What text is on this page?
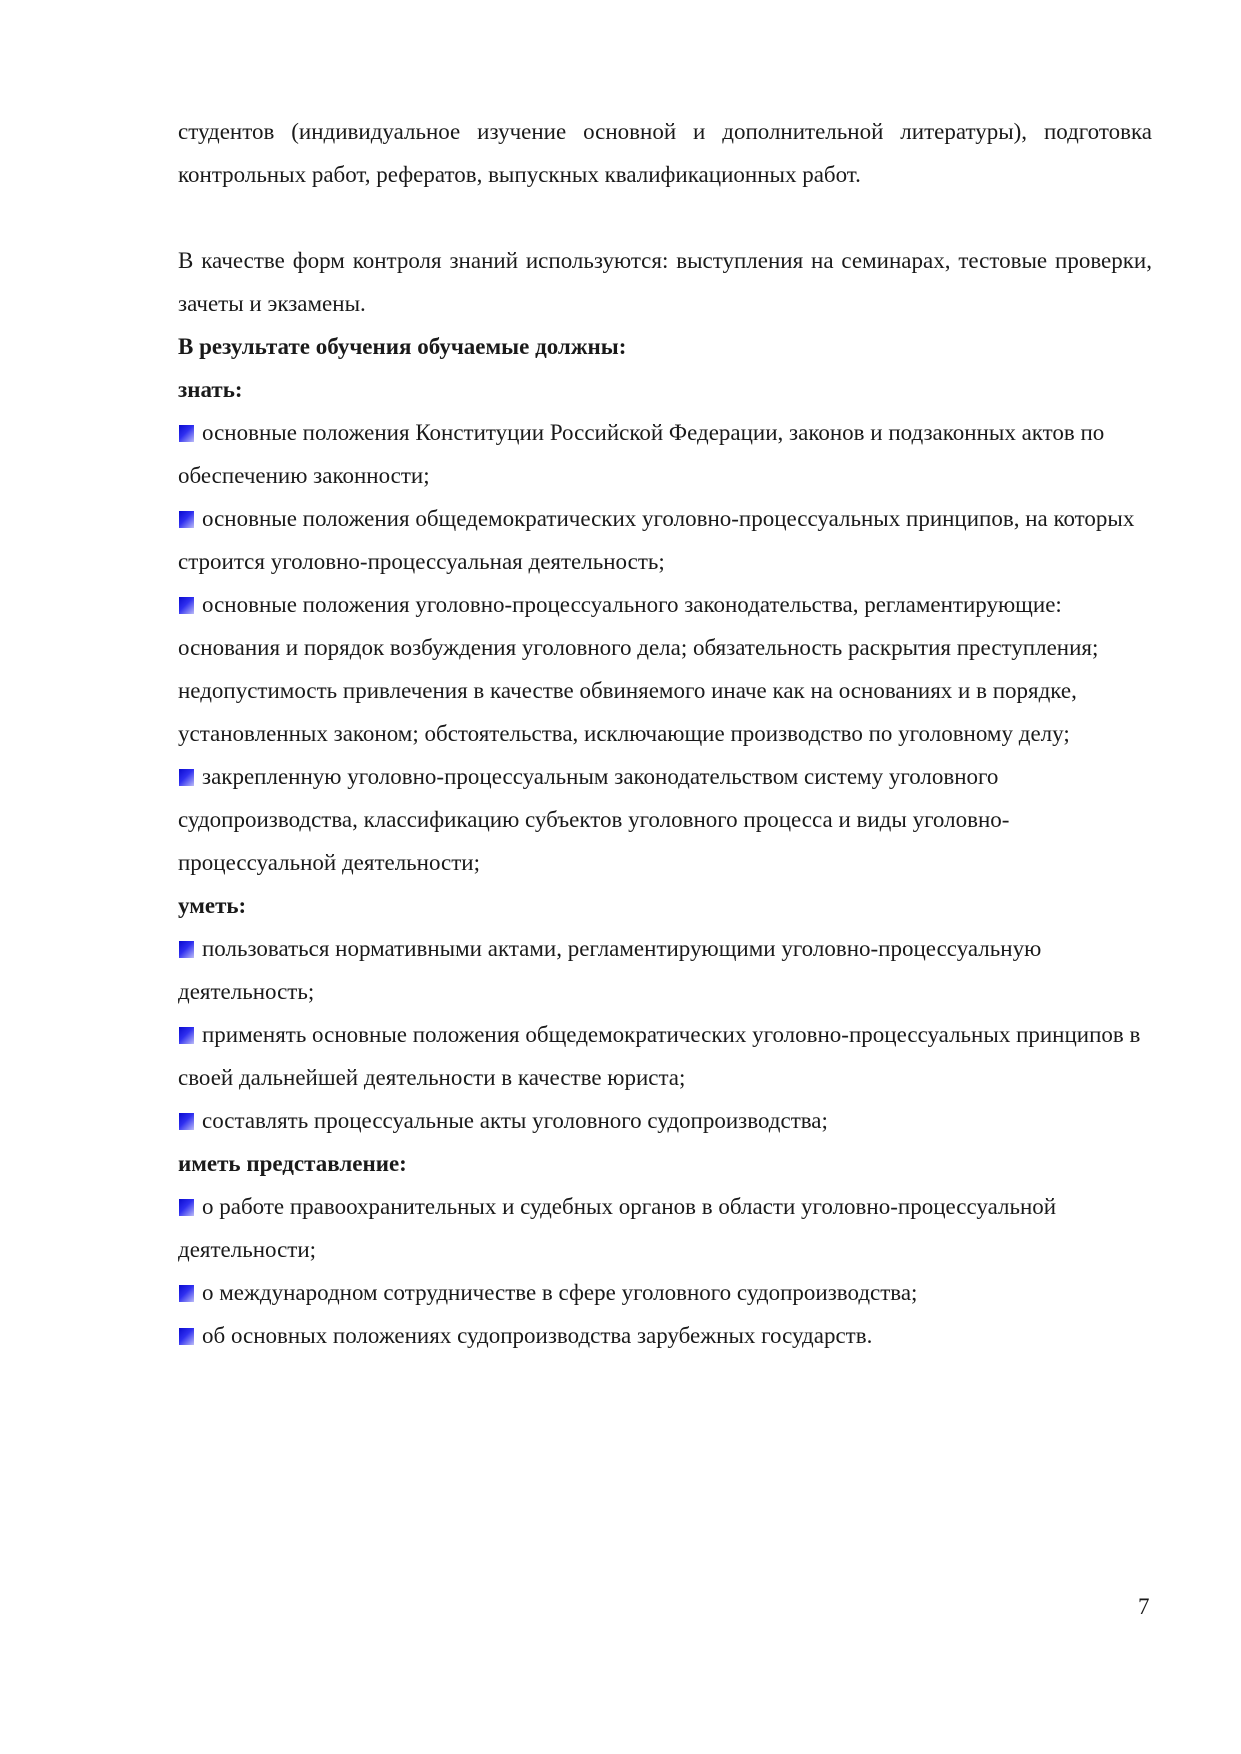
студентов (индивидуальное изучение основной и дополнительной литературы), подготовка контрольных работ, рефератов, выпускных квалификационных работ.

В качестве форм контроля знаний используются: выступления на семинарах, тестовые проверки, зачеты и экзамены.

В результате обучения обучаемые должны:

знать:

основные положения Конституции Российской Федерации, законов и подзаконных актов по обеспечению законности;

основные положения общедемократических уголовно-процессуальных принципов, на которых строится уголовно-процессуальная деятельность;

основные положения уголовно-процессуального законодательства, регламентирующие: основания и порядок возбуждения уголовного дела; обязательность раскрытия преступления; недопустимость привлечения в качестве обвиняемого иначе как на основаниях и в порядке, установленных законом; обстоятельства, исключающие производство по уголовному делу;

закрепленную уголовно-процессуальным законодательством систему уголовного судопроизводства, классификацию субъектов уголовного процесса и виды уголовно-процессуальной деятельности;

уметь:

пользоваться нормативными актами, регламентирующими уголовно-процессуальную деятельность;

применять основные положения общедемократических уголовно-процессуальных принципов в своей дальнейшей деятельности в качестве юриста;

составлять процессуальные акты уголовного судопроизводства;

иметь представление:

о работе правоохранительных и судебных органов в области уголовно-процессуальной деятельности;

о международном сотрудничестве в сфере уголовного судопроизводства;

об основных положениях судопроизводства зарубежных государств.

7
